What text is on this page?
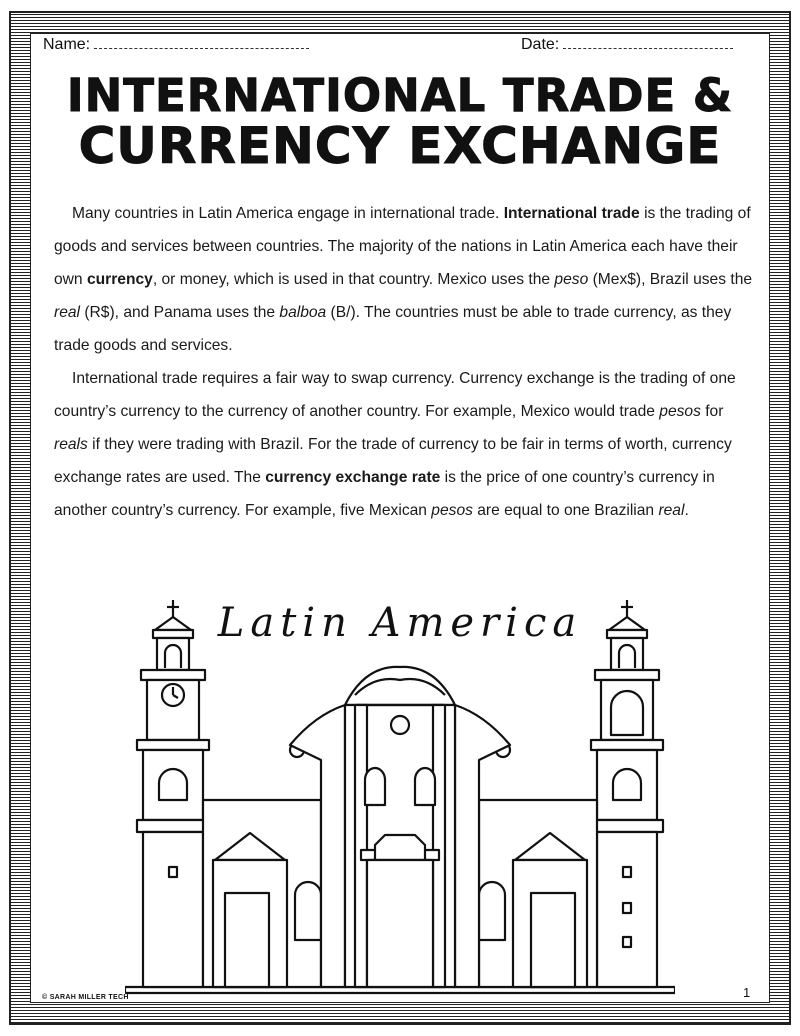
Name:	Date:
INTERNATIONAL TRADE &
CURRENCY EXCHANGE

Many countries in Latin America engage in international trade. International trade is the trading of goods and services between countries. The majority of the nations in Latin America each have their own currency, or money, which is used in that country. Mexico uses the peso (Mex$), Brazil uses the real (R$), and Panama uses the balboa (B/). The countries must be able to trade currency, as they trade goods and services.

International trade requires a fair way to swap currency. Currency exchange is the trading of one country’s currency to the currency of another country. For example, Mexico would trade pesos for reals if they were trading with Brazil. For the trade of currency to be fair in terms of worth, currency exchange rates are used. The currency exchange rate is the price of one country’s currency in another country’s currency. For example, five Mexican pesos are equal to one Brazilian real.

Latin America
© SARAH MILLER TECH	1
